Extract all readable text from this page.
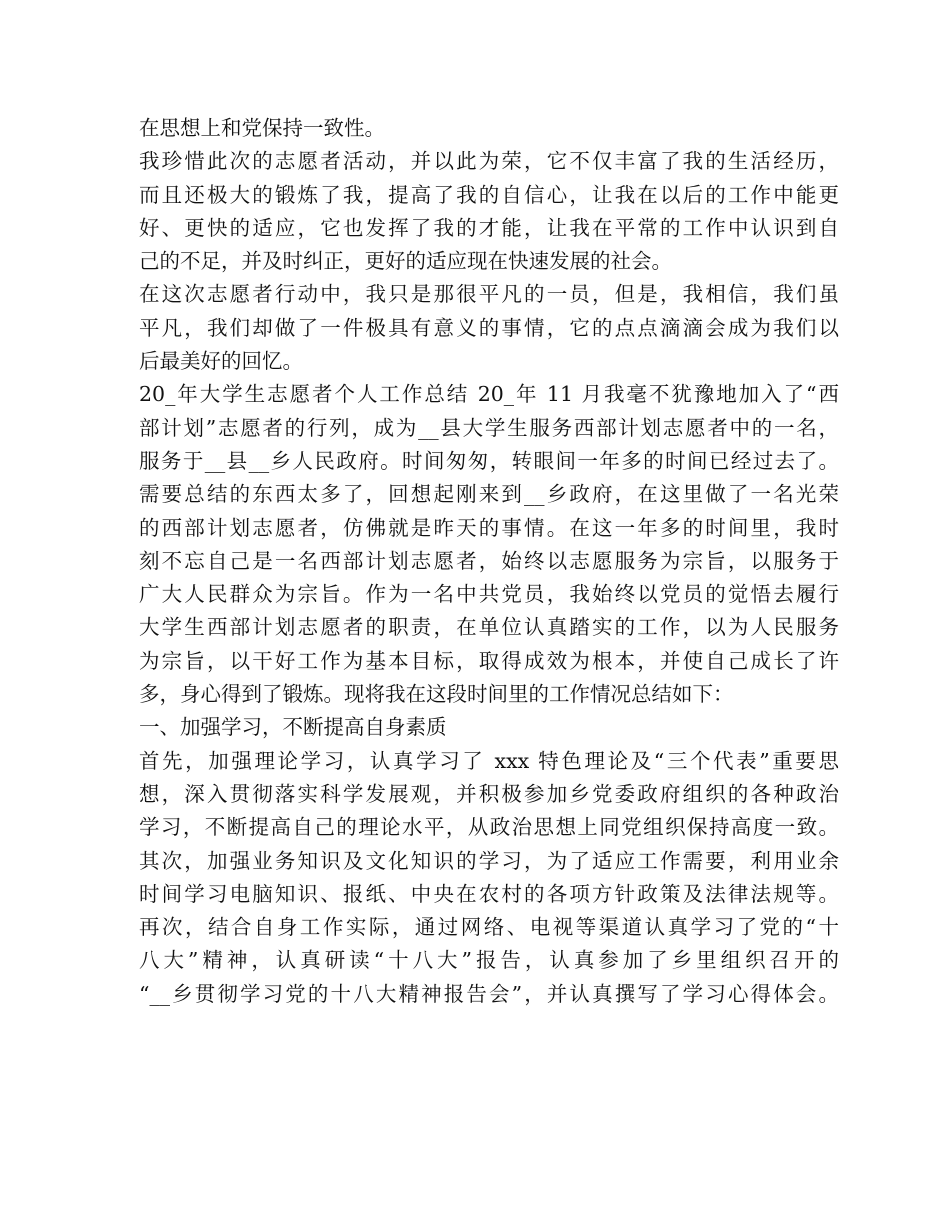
在思想上和党保持一致性。
我珍惜此次的志愿者活动，并以此为荣，它不仅丰富了我的生活经历，
而且还极大的锻炼了我，提高了我的自信心，让我在以后的工作中能更
好、更快的适应，它也发挥了我的才能，让我在平常的工作中认识到自
己的不足，并及时纠正，更好的适应现在快速发展的社会。
在这次志愿者行动中，我只是那很平凡的一员，但是，我相信，我们虽
平凡，我们却做了一件极具有意义的事情，它的点点滴滴会成为我们以
后最美好的回忆。
20_年大学生志愿者个人工作总结 20_年 11 月我毫不犹豫地加入了“西
部计划”志愿者的行列，成为__县大学生服务西部计划志愿者中的一名，
服务于__县__乡人民政府。时间匆匆，转眼间一年多的时间已经过去了。
需要总结的东西太多了，回想起刚来到__乡政府，在这里做了一名光荣
的西部计划志愿者，仿佛就是昨天的事情。在这一年多的时间里，我时
刻不忘自己是一名西部计划志愿者，始终以志愿服务为宗旨，以服务于
广大人民群众为宗旨。作为一名中共党员，我始终以党员的觉悟去履行
大学生西部计划志愿者的职责，在单位认真踏实的工作，以为人民服务
为宗旨，以干好工作为基本目标，取得成效为根本，并使自己成长了许
多，身心得到了锻炼。现将我在这段时间里的工作情况总结如下：
一、加强学习，不断提高自身素质
首先，加强理论学习，认真学习了 xxx 特色理论及“三个代表”重要思
想，深入贯彻落实科学发展观，并积极参加乡党委政府组织的各种政治
学习，不断提高自己的理论水平，从政治思想上同党组织保持高度一致。
其次，加强业务知识及文化知识的学习，为了适应工作需要，利用业余
时间学习电脑知识、报纸、中央在农村的各项方针政策及法律法规等。
再次，结合自身工作实际，通过网络、电视等渠道认真学习了党的“十
八大”精神，认真研读“十八大”报告，认真参加了乡里组织召开的
“__乡贯彻学习党的十八大精神报告会”，并认真撰写了学习心得体会。
